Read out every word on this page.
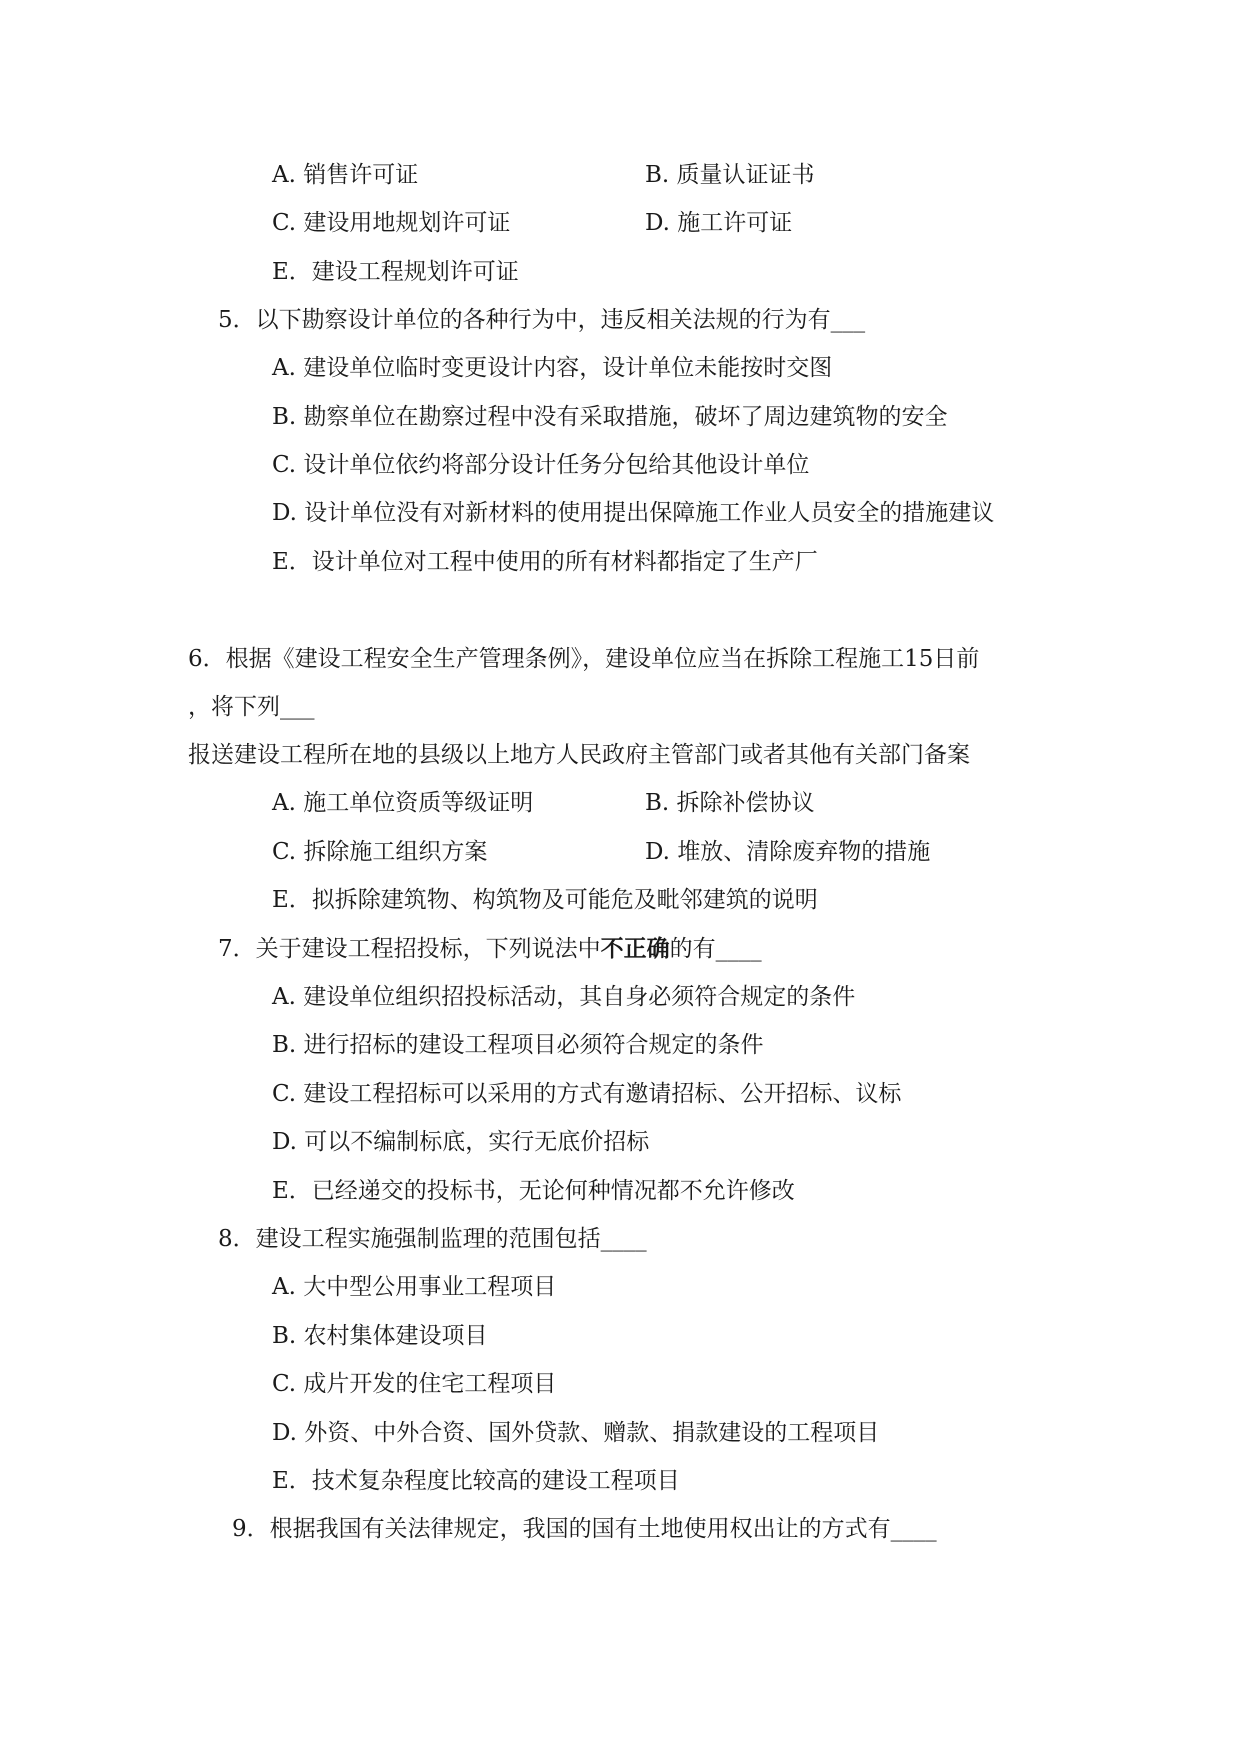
A. 销售许可证	B. 质量认证证书
C. 建设用地规划许可证	D. 施工许可证
E．建设工程规划许可证
5．以下勘察设计单位的各种行为中，违反相关法规的行为有___
A. 建设单位临时变更设计内容，设计单位未能按时交图
B. 勘察单位在勘察过程中没有采取措施，破坏了周边建筑物的安全
C. 设计单位依约将部分设计任务分包给其他设计单位
D. 设计单位没有对新材料的使用提出保障施工作业人员安全的措施建议
E．设计单位对工程中使用的所有材料都指定了生产厂
6．根据《建设工程安全生产管理条例》，建设单位应当在拆除工程施工15日前
，将下列___
报送建设工程所在地的县级以上地方人民政府主管部门或者其他有关部门备案
A. 施工单位资质等级证明	B. 拆除补偿协议
C. 拆除施工组织方案	D. 堆放、清除废弃物的措施
E．拟拆除建筑物、构筑物及可能危及毗邻建筑的说明
7．关于建设工程招投标，下列说法中不正确的有____
A. 建设单位组织招投标活动，其自身必须符合规定的条件
B. 进行招标的建设工程项目必须符合规定的条件
C. 建设工程招标可以采用的方式有邀请招标、公开招标、议标
D. 可以不编制标底，实行无底价招标
E．已经递交的投标书，无论何种情况都不允许修改
8．建设工程实施强制监理的范围包括____
A. 大中型公用事业工程项目
B. 农村集体建设项目
C. 成片开发的住宅工程项目
D. 外资、中外合资、国外贷款、赠款、捐款建设的工程项目
E．技术复杂程度比较高的建设工程项目
9．根据我国有关法律规定，我国的国有土地使用权出让的方式有____
